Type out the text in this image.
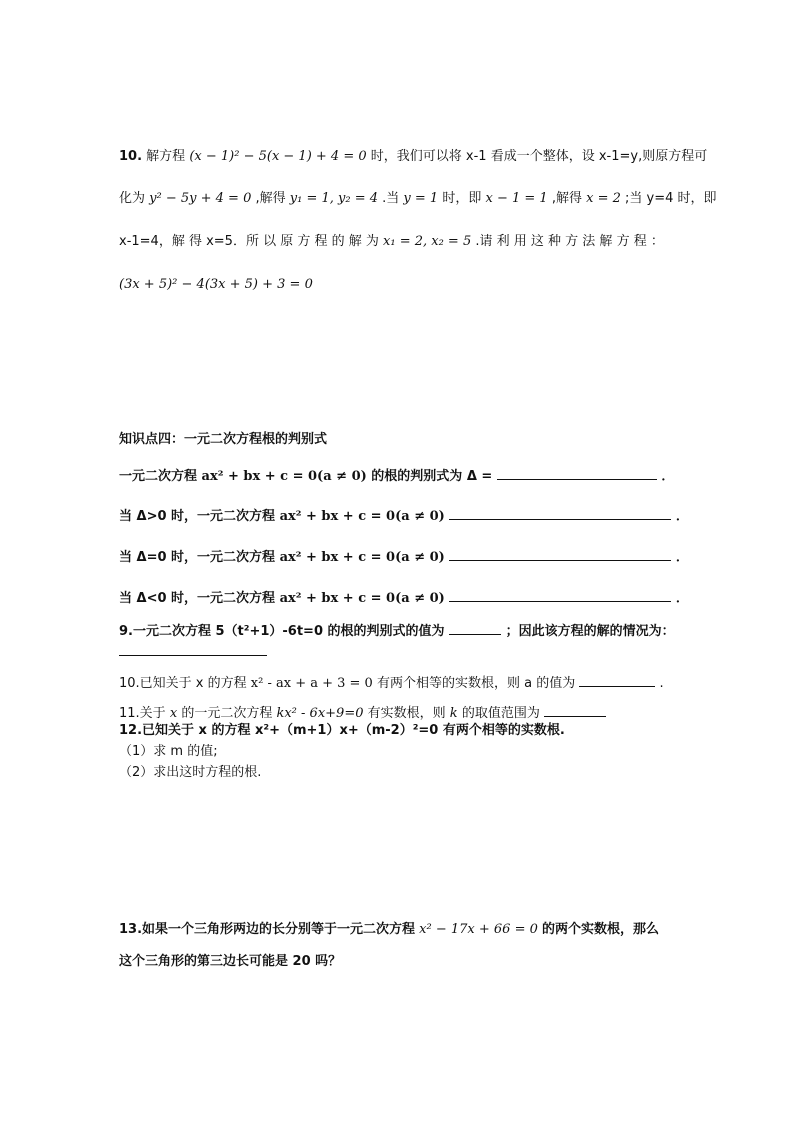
10. 解方程 (x − 1)² − 5(x − 1) + 4 = 0 时，我们可以将 x-1 看成一个整体，设 x-1=y,则原方程可
化为 y² − 5y + 4 = 0 ,解得 y₁ = 1, y₂ = 4 .当 y = 1 时，即 x − 1 = 1 ,解得 x = 2 ;当 y=4 时，即
x-1=4，解 得 x=5．所 以 原 方 程 的 解 为 x₁ = 2, x₂ = 5 .请 利 用 这 种 方 法 解 方 程 ：
(3x + 5)² − 4(3x + 5) + 3 = 0
知识点四：一元二次方程根的判别式
一元二次方程 ax² + bx + c = 0(a ≠ 0) 的根的判别式为 Δ =	．
当 Δ>0 时，一元二次方程 ax² + bx + c = 0(a ≠ 0)	．
当 Δ=0 时，一元二次方程 ax² + bx + c = 0(a ≠ 0)	．
当 Δ<0 时，一元二次方程 ax² + bx + c = 0(a ≠ 0)	．
9.一元二次方程 5（t²+1）-6t=0 的根的判别式的值为	；因此该方程的解的情况为：
10.已知关于 x 的方程 x² - ax + a + 3 = 0 有两个相等的实数根，则 a 的值为	.
11.关于 x 的一元二次方程 kx² - 6x+9=0 有实数根，则 k 的取值范围为
12.已知关于 x 的方程 x²+（m+1）x+（m-2）²=0 有两个相等的实数根.
（1）求 m 的值;
（2）求出这时方程的根.
13.如果一个三角形两边的长分别等于一元二次方程 x² − 17x + 66 = 0 的两个实数根，那么
这个三角形的第三边长可能是 20 吗？
